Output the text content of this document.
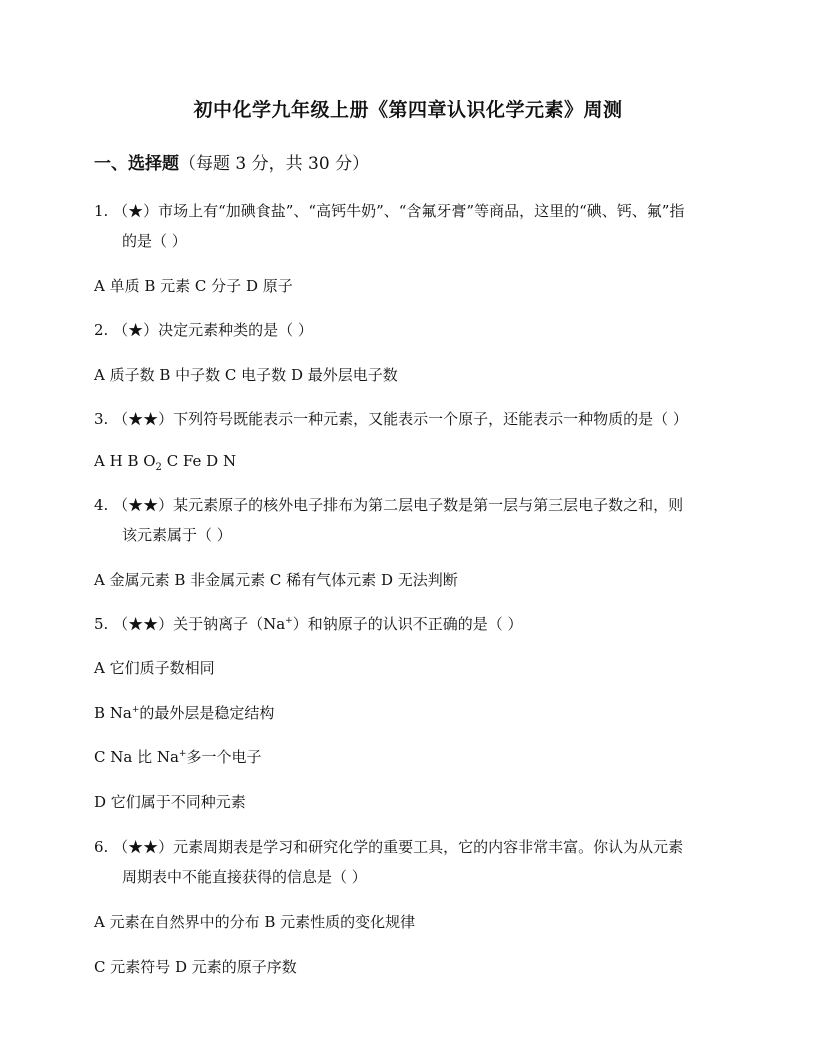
初中化学九年级上册《第四章认识化学元素》周测
一、选择题（每题 3 分，共 30 分）
1. （★）市场上有“加碘食盐”、“高钙牛奶”、“含氟牙膏”等商品，这里的“碘、钙、氟”指
的是（ ）
A 单质 B 元素 C 分子 D 原子
2. （★）决定元素种类的是（ ）
A 质子数 B 中子数 C 电子数 D 最外层电子数
3. （★★）下列符号既能表示一种元素，又能表示一个原子，还能表示一种物质的是（ ）
A H B $O_2$ C Fe D N
4. （★★）某元素原子的核外电子排布为第二层电子数是第一层与第三层电子数之和，则
该元素属于（ ）
A 金属元素 B 非金属元素 C 稀有气体元素 D 无法判断
5. （★★）关于钠离子（Na+）和钠原子的认识不正确的是（ ）
A 它们质子数相同
B Na+的最外层是稳定结构
C Na 比 Na+多一个电子
D 它们属于不同种元素
6. （★★）元素周期表是学习和研究化学的重要工具，它的内容非常丰富。你认为从元素
周期表中不能直接获得的信息是（ ）
A 元素在自然界中的分布 B 元素性质的变化规律
C 元素符号 D 元素的原子序数
